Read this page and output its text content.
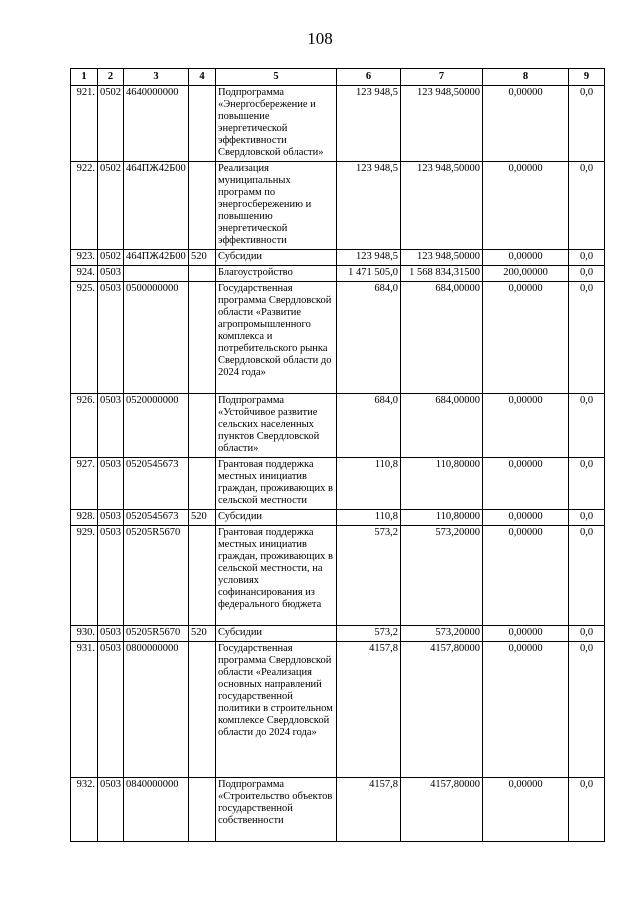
108
1	2	3	4	5	6	7	8	9
921.	0502	4640000000		Подпрограмма «Энергосбережение и повышение энергетической эффективности Свердловской области»	123 948,5	123 948,50000	0,00000	0,0
922.	0502	464ПЖ42Б00		Реализация муниципальных программ по энергосбережению и повышению энергетической эффективности	123 948,5	123 948,50000	0,00000	0,0
923.	0502	464ПЖ42Б00	520	Субсидии	123 948,5	123 948,50000	0,00000	0,0
924.	0503			Благоустройство	1 471 505,0	1 568 834,31500	200,00000	0,0
925.	0503	0500000000		Государственная программа Свердловской области «Развитие агропромышленного комплекса и потребительского рынка Свердловской области до 2024 года»	684,0	684,00000	0,00000	0,0
926.	0503	0520000000		Подпрограмма «Устойчивое развитие сельских населенных пунктов Свердловской области»	684,0	684,00000	0,00000	0,0
927.	0503	0520545673		Грантовая поддержка местных инициатив граждан, проживающих в сельской местности	110,8	110,80000	0,00000	0,0
928.	0503	0520545673	520	Субсидии	110,8	110,80000	0,00000	0,0
929.	0503	05205R5670		Грантовая поддержка местных инициатив граждан, проживающих в сельской местности, на условиях софинансирования из федерального бюджета	573,2	573,20000	0,00000	0,0
930.	0503	05205R5670	520	Субсидии	573,2	573,20000	0,00000	0,0
931.	0503	0800000000		Государственная программа Свердловской области «Реализация основных направлений государственной политики в строительном комплексе Свердловской области до 2024 года»	4157,8	4157,80000	0,00000	0,0
932.	0503	0840000000		Подпрограмма «Строительство объектов государственной собственности	4157,8	4157,80000	0,00000	0,0
